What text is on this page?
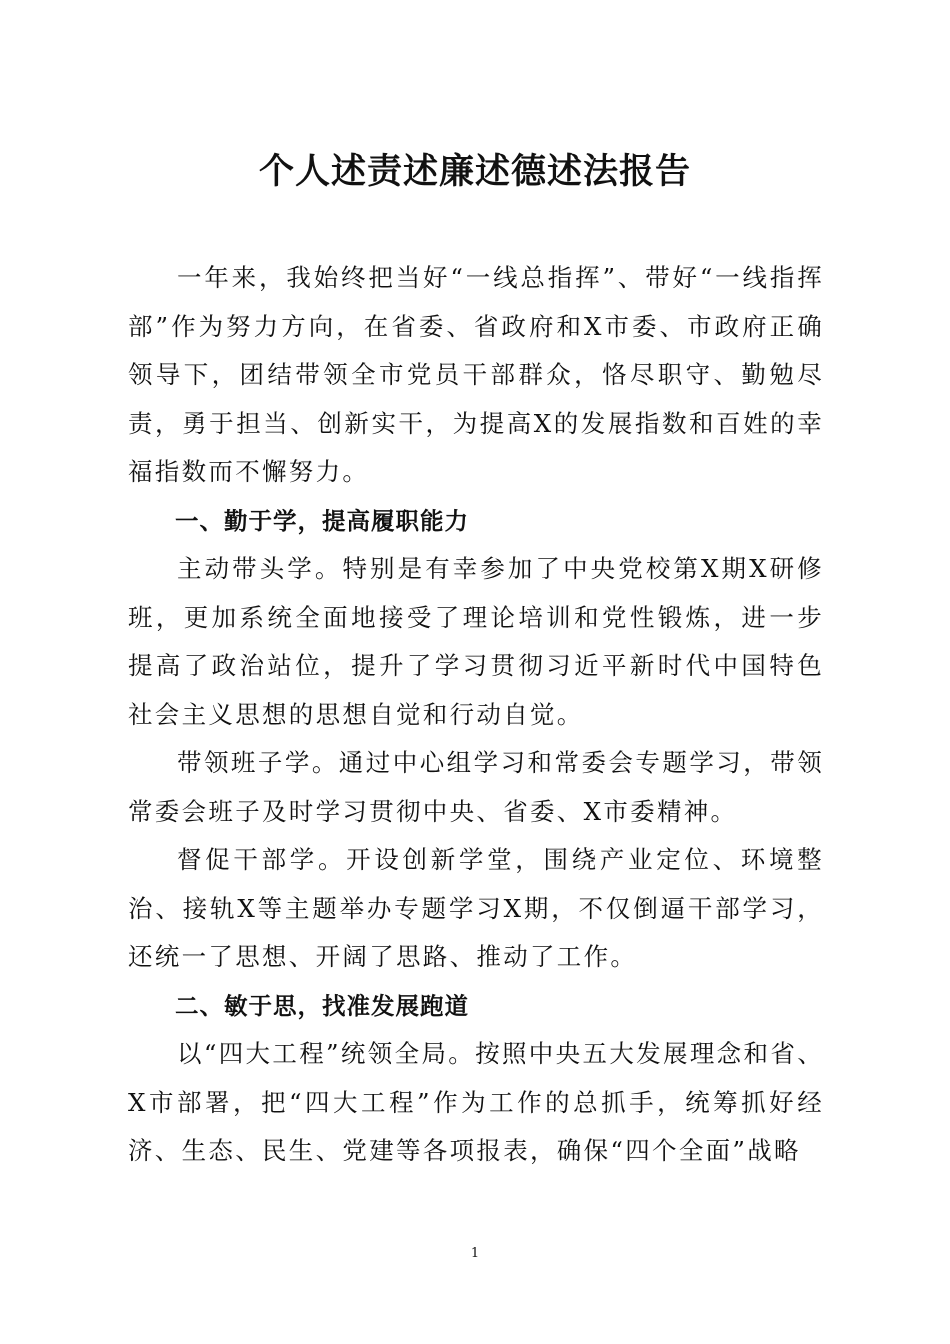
个人述责述廉述德述法报告

一年来，我始终把当好“一线总指挥”、带好“一线指挥部”作为努力方向，在省委、省政府和X市委、市政府正确领导下，团结带领全市党员干部群众，恪尽职守、勤勉尽责，勇于担当、创新实干，为提高X的发展指数和百姓的幸福指数而不懈努力。

一、勤于学，提高履职能力

主动带头学。特别是有幸参加了中央党校第X期X研修班，更加系统全面地接受了理论培训和党性锻炼，进一步提高了政治站位，提升了学习贯彻习近平新时代中国特色社会主义思想的思想自觉和行动自觉。

带领班子学。通过中心组学习和常委会专题学习，带领常委会班子及时学习贯彻中央、省委、X市委精神。

督促干部学。开设创新学堂，围绕产业定位、环境整治、接轨X等主题举办专题学习X期，不仅倒逼干部学习，还统一了思想、开阔了思路、推动了工作。

二、敏于思，找准发展跑道

以“四大工程”统领全局。按照中央五大发展理念和省、X市部署，把“四大工程”作为工作的总抓手，统筹抓好经济、生态、民生、党建等各项报表，确保“四个全面”战略

1
